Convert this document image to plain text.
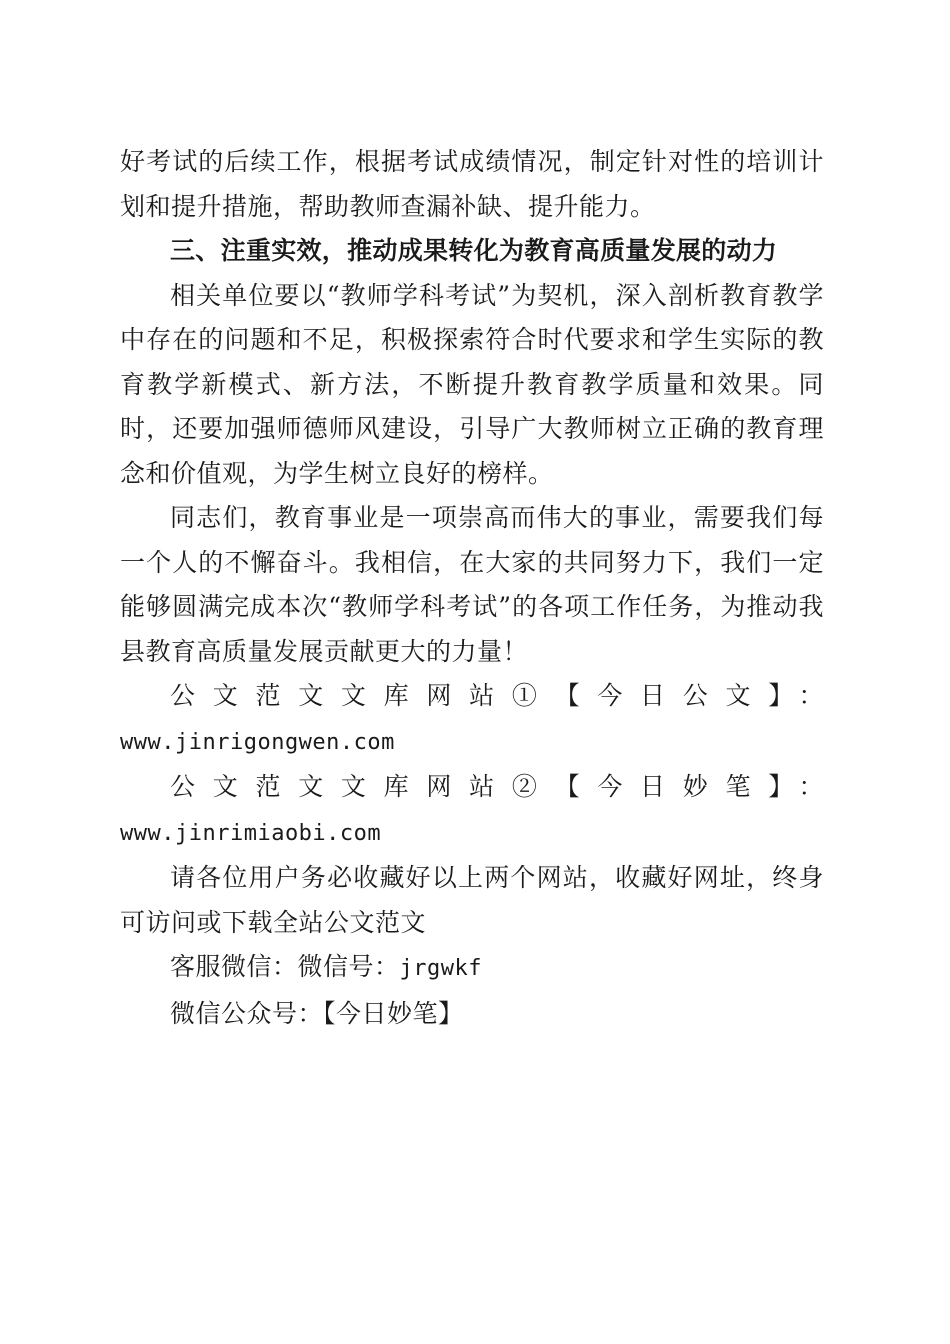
好考试的后续工作，根据考试成绩情况，制定针对性的培训计划和提升措施，帮助教师查漏补缺、提升能力。

三、注重实效，推动成果转化为教育高质量发展的动力

相关单位要以“教师学科考试”为契机，深入剖析教育教学中存在的问题和不足，积极探索符合时代要求和学生实际的教育教学新模式、新方法，不断提升教育教学质量和效果。同时，还要加强师德师风建设，引导广大教师树立正确的教育理念和价值观，为学生树立良好的榜样。

同志们，教育事业是一项崇高而伟大的事业，需要我们每一个人的不懈奋斗。我相信，在大家的共同努力下，我们一定能够圆满完成本次“教师学科考试”的各项工作任务，为推动我县教育高质量发展贡献更大的力量！

公文范文文库网站①【今日公文】：

www.jinrigongwen.com

公文范文文库网站②【今日妙笔】：www.jinrimiaobi.com

请各位用户务必收藏好以上两个网站，收藏好网址，终身可访问或下载全站公文范文

客服微信：微信号：jrgwkf

微信公众号：【今日妙笔】
